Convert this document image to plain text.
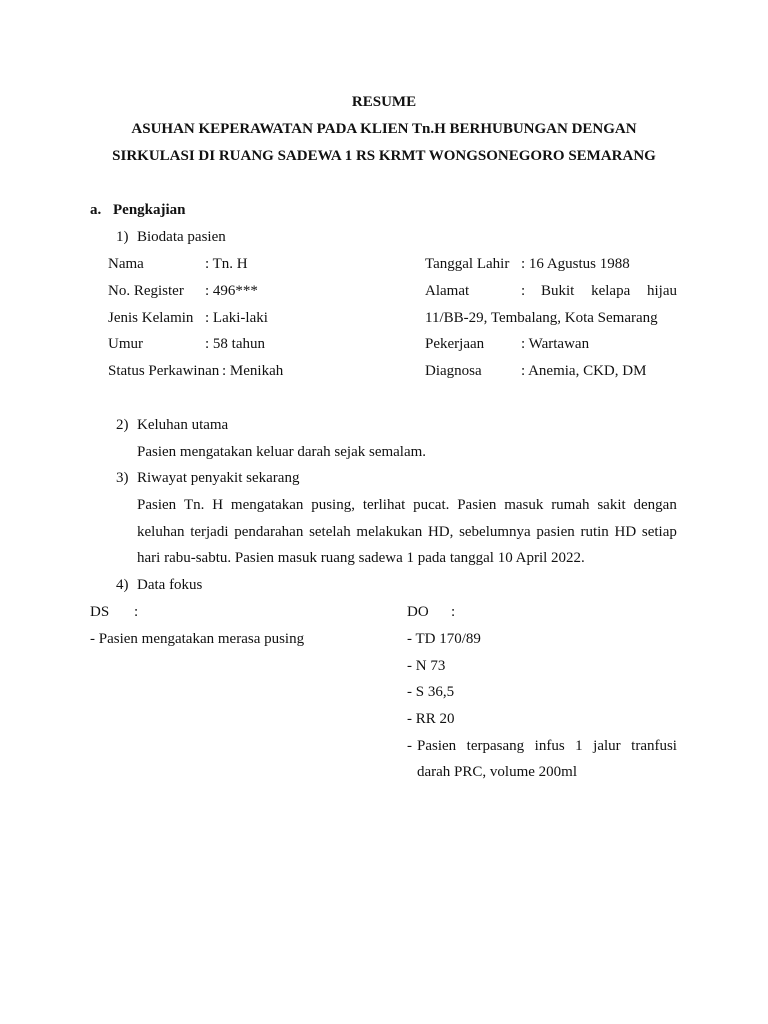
RESUME
ASUHAN KEPERAWATAN PADA KLIEN Tn.H BERHUBUNGAN DENGAN
SIRKULASI DI RUANG SADEWA 1 RS KRMT WONGSONEGORO SEMARANG
a. Pengkajian
1) Biodata pasien
Nama	: Tn. H
No. Register : 496***
Jenis Kelamin : Laki-laki
Umur	: 58 tahun
Status Perkawinan : Menikah
Tanggal Lahir : 16 Agustus 1988
Alamat	: Bukit kelapa hijau
11/BB-29, Tembalang, Kota Semarang
Pekerjaan : Wartawan
Diagnosa	: Anemia, CKD, DM
2) Keluhan utama
Pasien mengatakan keluar darah sejak semalam.
3) Riwayat penyakit sekarang
Pasien Tn. H mengatakan pusing, terlihat pucat. Pasien masuk rumah sakit dengan
keluhan terjadi pendarahan setelah melakukan HD, sebelumnya pasien rutin HD setiap
hari rabu-sabtu. Pasien masuk ruang sadewa 1 pada tanggal 10 April 2022.
4) Data fokus
DS :
- Pasien mengatakan merasa pusing
DO :
- TD 170/89
- N 73
- S 36,5
- RR 20
- Pasien terpasang infus 1 jalur tranfusi
darah PRC, volume 200ml
